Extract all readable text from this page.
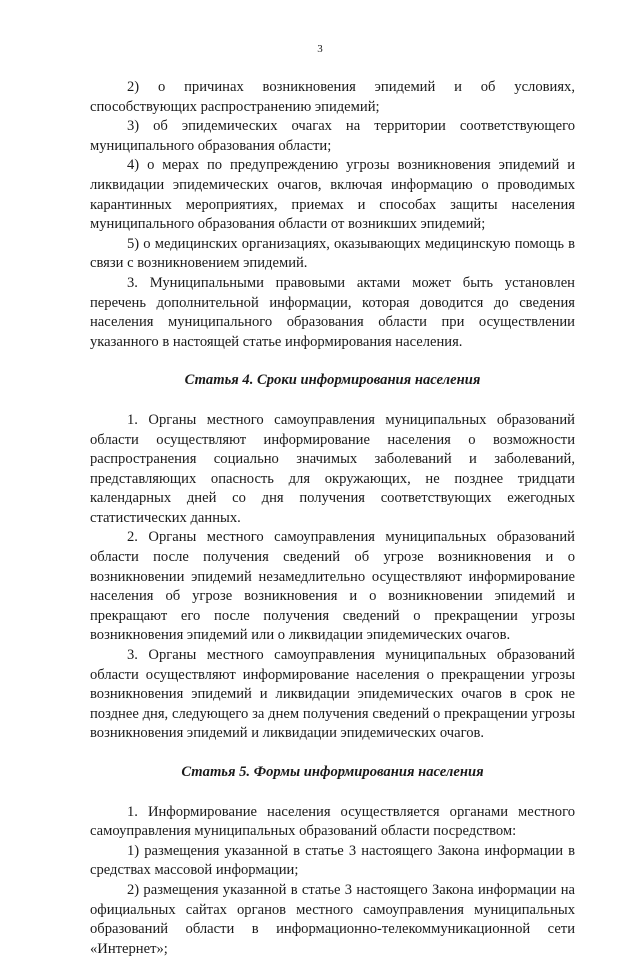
3

2) о причинах возникновения эпидемий и об условиях, способствующих распространению эпидемий;

3) об эпидемических очагах на территории соответствующего муниципального образования области;

4) о мерах по предупреждению угрозы возникновения эпидемий и ликвидации эпидемических очагов, включая информацию о проводимых карантинных мероприятиях, приемах и способах защиты населения муниципального образования области от возникших эпидемий;

5) о медицинских организациях, оказывающих медицинскую помощь в связи с возникновением эпидемий.

3. Муниципальными правовыми актами может быть установлен перечень дополнительной информации, которая доводится до сведения населения муниципального образования области при осуществлении указанного в настоящей статье информирования населения.

Статья 4. Сроки информирования населения

1. Органы местного самоуправления муниципальных образований области осуществляют информирование населения о возможности распространения социально значимых заболеваний и заболеваний, представляющих опасность для окружающих, не позднее тридцати календарных дней со дня получения соответствующих ежегодных статистических данных.

2. Органы местного самоуправления муниципальных образований области после получения сведений об угрозе возникновения и о возникновении эпидемий незамедлительно осуществляют информирование населения об угрозе возникновения и о возникновении эпидемий и прекращают его после получения сведений о прекращении угрозы возникновения эпидемий или о ликвидации эпидемических очагов.

3. Органы местного самоуправления муниципальных образований области осуществляют информирование населения о прекращении угрозы возникновения эпидемий и ликвидации эпидемических очагов в срок не позднее дня, следующего за днем получения сведений о прекращении угрозы возникновения эпидемий и ликвидации эпидемических очагов.

Статья 5. Формы информирования населения

1. Информирование населения осуществляется органами местного самоуправления муниципальных образований области посредством:

1) размещения указанной в статье 3 настоящего Закона информации в средствах массовой информации;

2) размещения указанной в статье 3 настоящего Закона информации на официальных сайтах органов местного самоуправления муниципальных образований области в информационно-телекоммуникационной сети «Интернет»;
